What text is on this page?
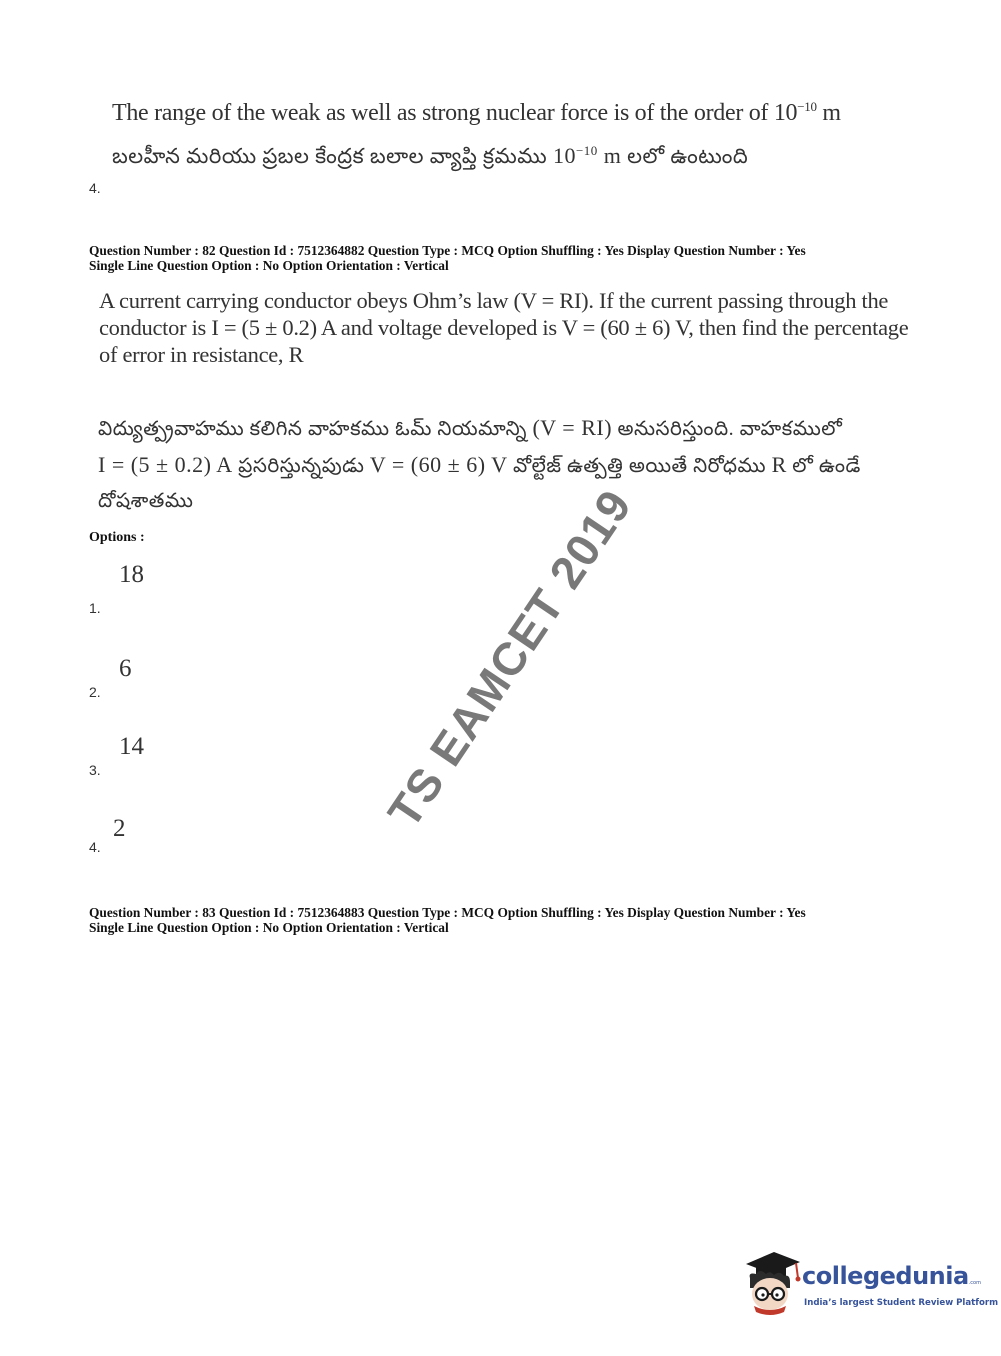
The range of the weak as well as strong nuclear force is of the order of $10^{-10}$ m
బలహీన మరియు ప్రబల కేంద్రక బలాల వ్యాప్తి క్రమము $10^{-10}$ m లలో ఉంటుంది
4.
Question Number : 82 Question Id : 7512364882 Question Type : MCQ Option Shuffling : Yes Display Question Number : Yes
Single Line Question Option : No Option Orientation : Vertical
A current carrying conductor obeys Ohm’s law (V = RI). If the current passing through the
conductor is I = (5 ± 0.2) A and voltage developed is V = (60 ± 6) V, then find the percentage
of error in resistance, R
విద్యుత్ప్రవాహము కలిగిన వాహకము ఓమ్ నియమాన్ని (V = RI) అనుసరిస్తుంది. వాహకములో
I = (5 ± 0.2) A ప్రసరిస్తున్నపుడు V = (60 ± 6) V వోల్టేజ్ ఉత్పత్తి అయితే నిరోధము R లో ఉండే
దోషశాతము
Options :
18
1.
6
2.
14
3.
2
4.
TS EAMCET 2019
Question Number : 83 Question Id : 7512364883 Question Type : MCQ Option Shuffling : Yes Display Question Number : Yes
Single Line Question Option : No Option Orientation : Vertical
collegedunia.com
India’s largest Student Review Platform
